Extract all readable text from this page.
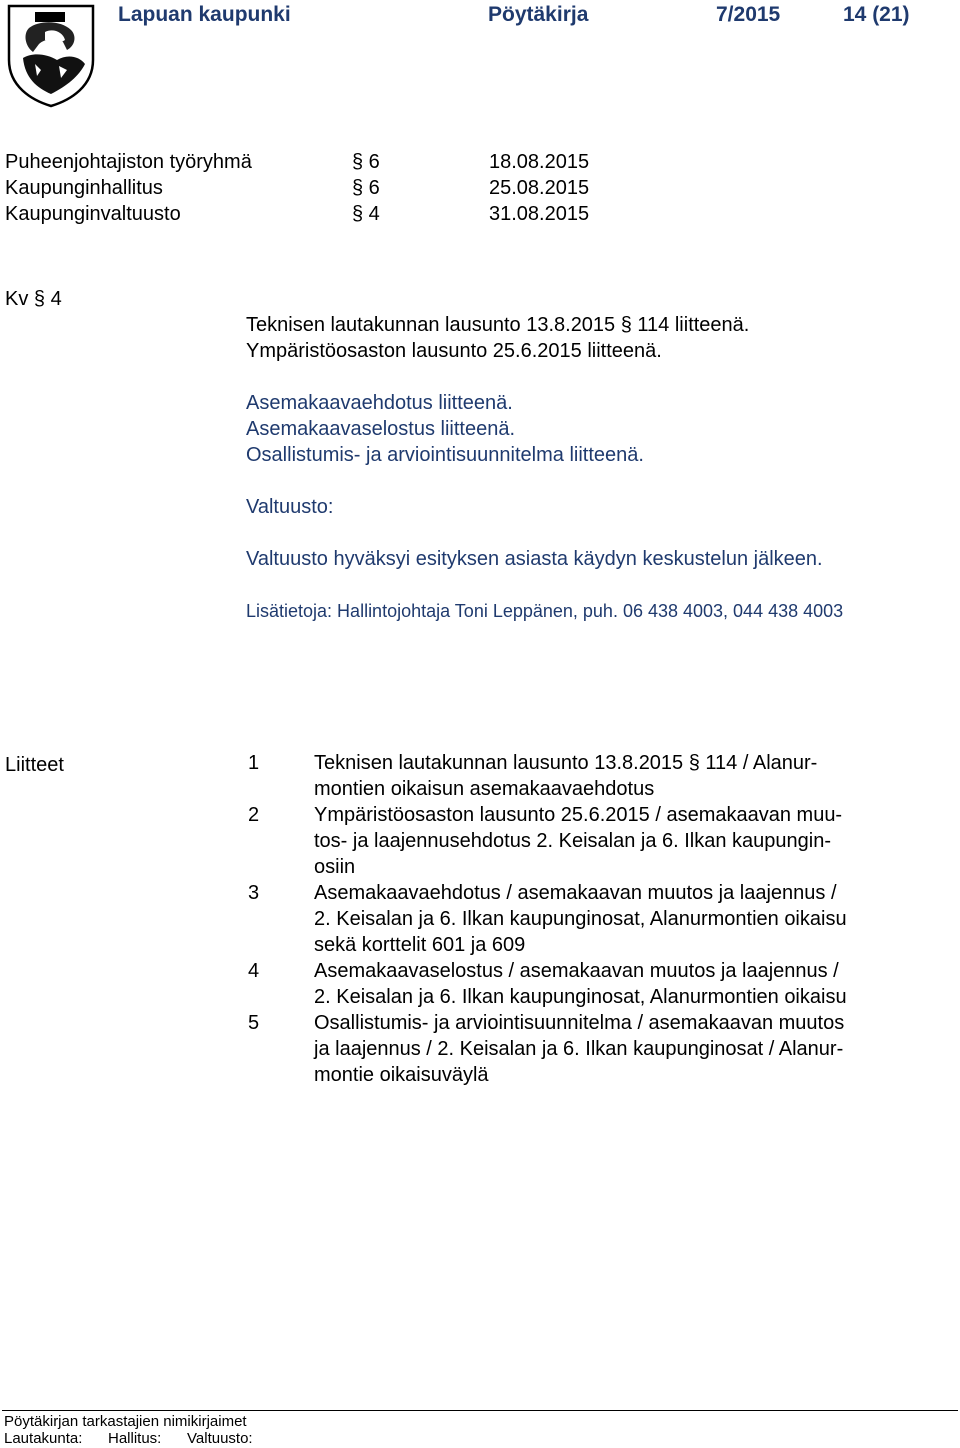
Lapuan kaupunki	Pöytäkirja	7/2015	14 (21)
Puheenjohtajiston työryhmä	§ 6	18.08.2015
Kaupunginhallitus	§ 6	25.08.2015
Kaupunginvaltuusto	§ 4	31.08.2015
Kv § 4
Teknisen lautakunnan lausunto 13.8.2015 § 114 liitteenä.
Ympäristöosaston lausunto 25.6.2015 liitteenä.
Asemakaavaehdotus liitteenä.
Asemakaavaselostus liitteenä.
Osallistumis- ja arviointisuunnitelma liitteenä.
Valtuusto:
Valtuusto hyväksyi esityksen asiasta käydyn keskustelun jälkeen.
Lisätietoja: Hallintojohtaja Toni Leppänen, puh. 06 438 4003, 044 438 4003
Liitteet	1	Teknisen lautakunnan lausunto 13.8.2015 § 114 / Alanur-
montien oikaisun asemakaavaehdotus
2	Ympäristöosaston lausunto 25.6.2015 / asemakaavan muu-
tos- ja laajennusehdotus 2. Keisalan ja 6. Ilkan kaupungin-
osiin
3	Asemakaavaehdotus / asemakaavan muutos ja laajennus /
2. Keisalan ja 6. Ilkan kaupunginosat, Alanurmontien oikaisu
sekä korttelit 601 ja 609
4	Asemakaavaselostus / asemakaavan muutos ja laajennus /
2. Keisalan ja 6. Ilkan kaupunginosat, Alanurmontien oikaisu
5	Osallistumis- ja arviointisuunnitelma / asemakaavan muutos
ja laajennus / 2. Keisalan ja 6. Ilkan kaupunginosat / Alanur-
montie oikaisuväylä
Pöytäkirjan tarkastajien nimikirjaimet
Lautakunta: Hallitus: Valtuusto:
